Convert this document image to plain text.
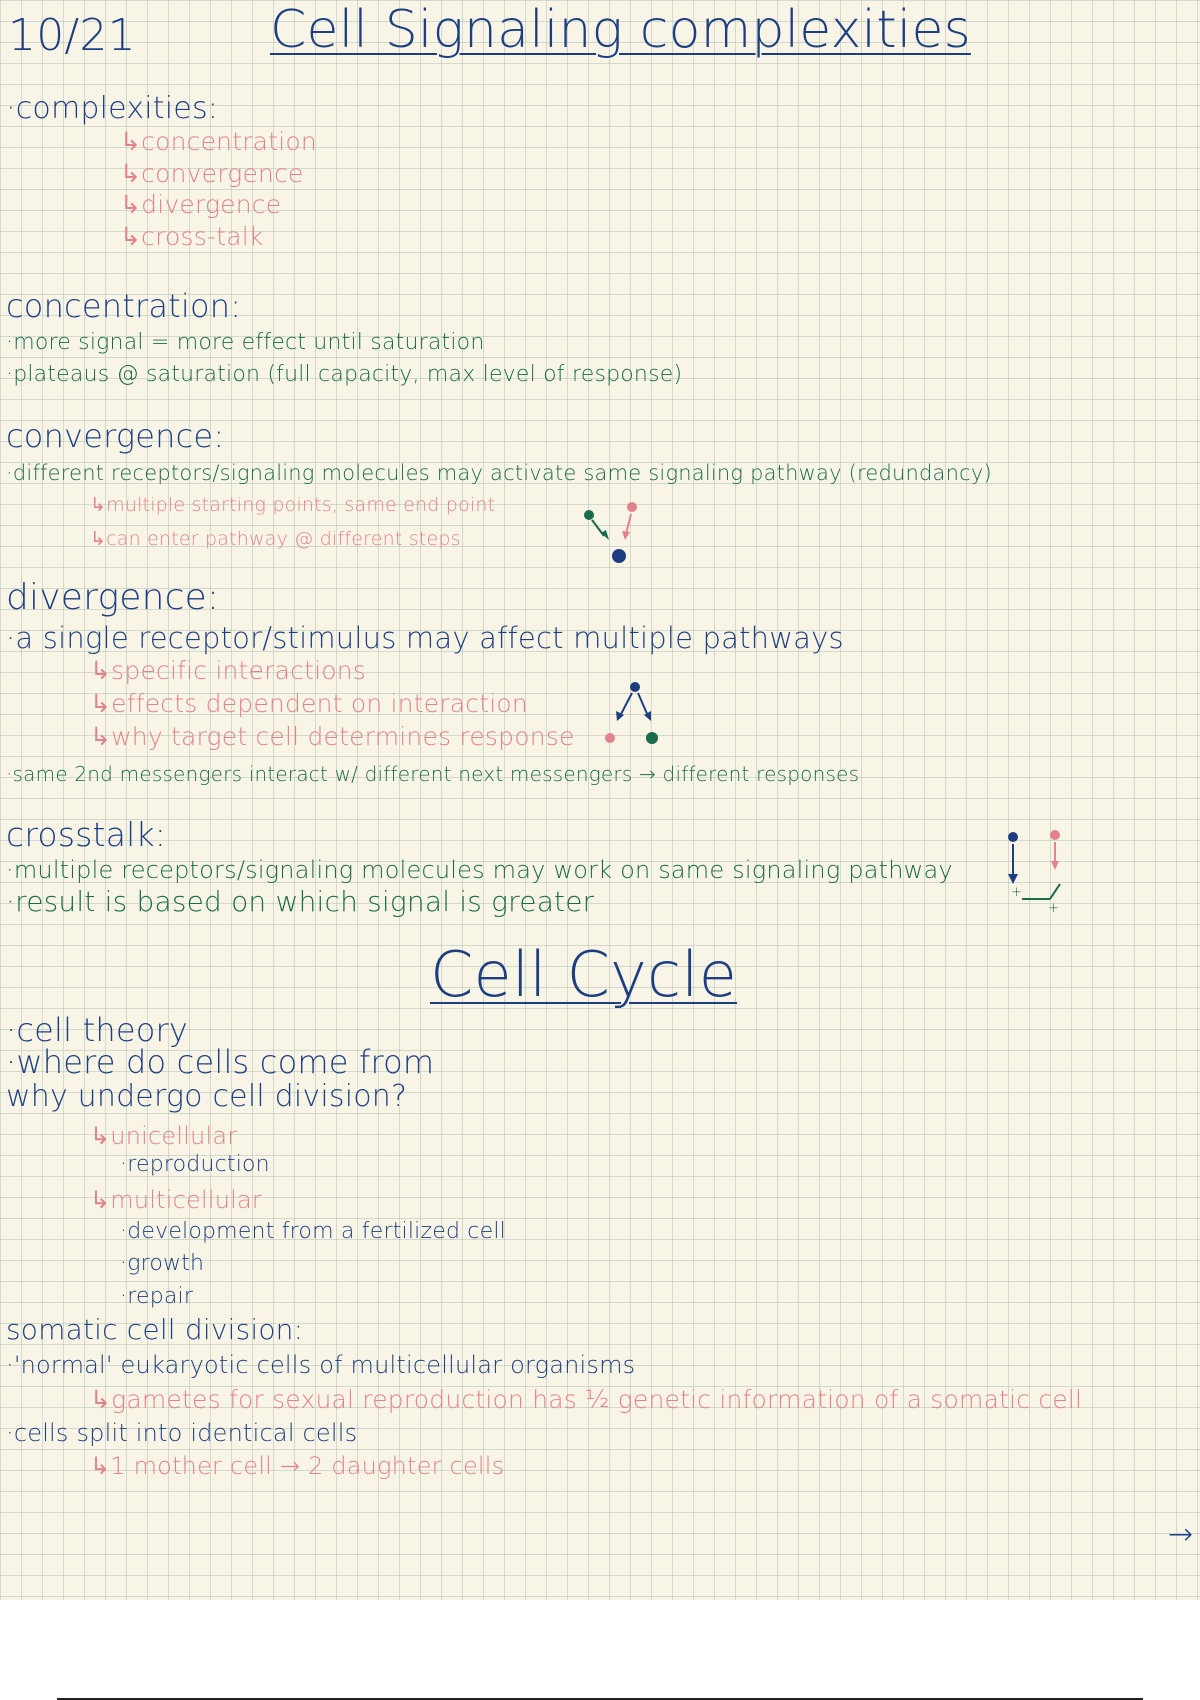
10/21	Cell Signaling complexities
·complexities:
↳concentration
↳convergence
↳divergence
↳cross-talk
concentration:
·more signal = more effect until saturation
·plateaus @ saturation (full capacity, max level of response)
convergence:
·different receptors/signaling molecules may activate same signaling pathway (redundancy)
↳multiple starting points, same end point
↳can enter pathway @ different steps
divergence:
·a single receptor/stimulus may affect multiple pathways
↳specific interactions
↳effects dependent on interaction
↳why target cell determines response
·same 2nd messengers interact w/ different next messengers → different responses
crosstalk:
·multiple receptors/signaling molecules may work on same signaling pathway
·result is based on which signal is greater	+
+
Cell Cycle
·cell theory
·where do cells come from
why undergo cell division?
↳unicellular
·reproduction
↳multicellular
·development from a fertilized cell
·growth
·repair
somatic cell division:
·'normal' eukaryotic cells of multicellular organisms
↳gametes for sexual reproduction has ½ genetic information of a somatic cell
·cells split into identical cells
↳1 mother cell → 2 daughter cells
→
